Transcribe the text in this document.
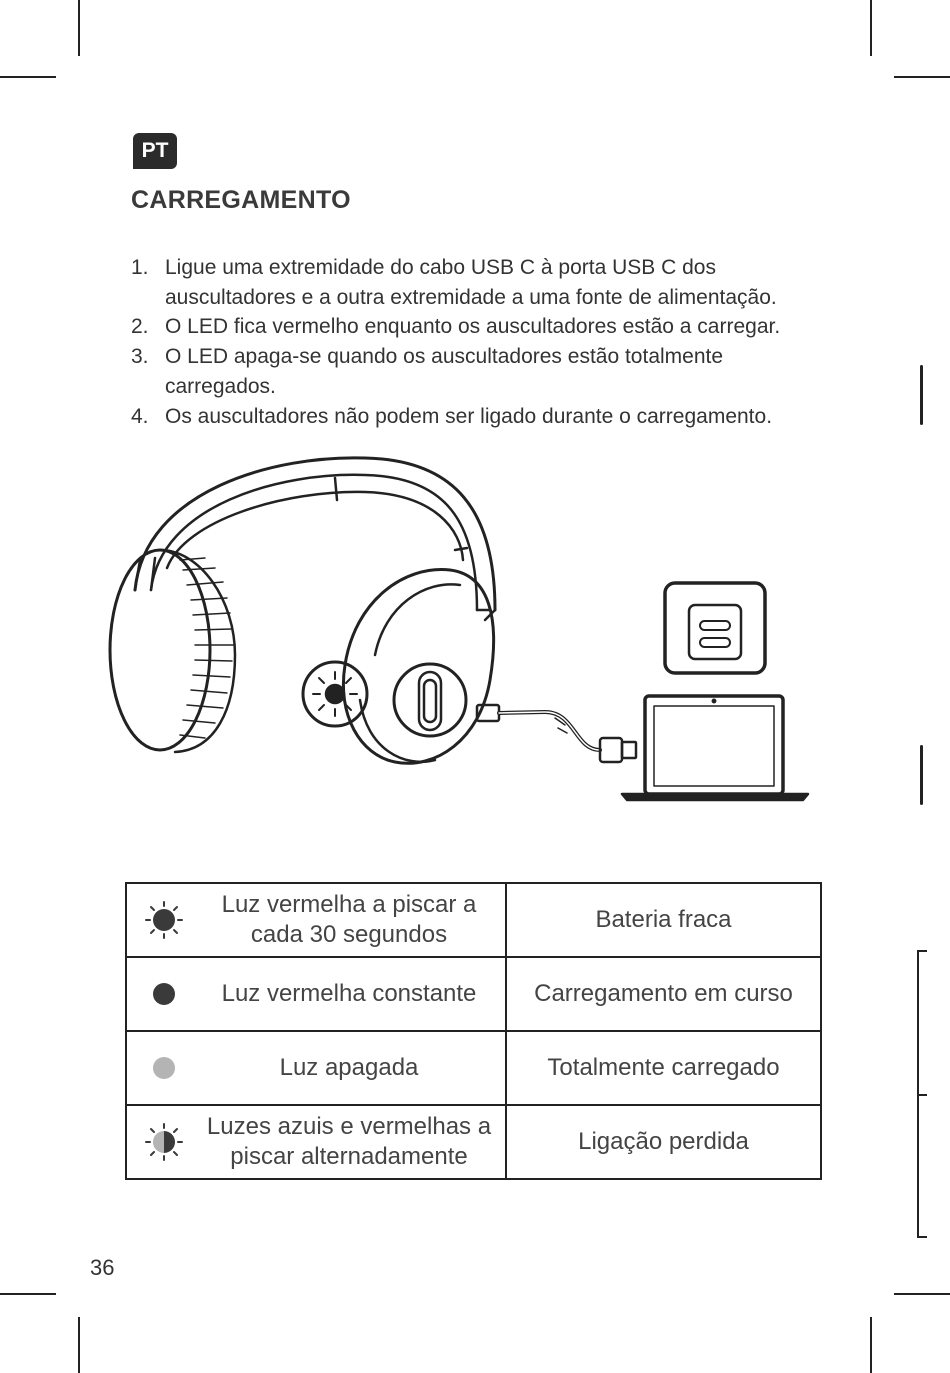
PT
CARREGAMENTO
1. Ligue uma extremidade do cabo USB C à porta USB C dos auscultadores e a outra extremidade a uma fonte de alimentação.
2. O LED fica vermelho enquanto os auscultadores estão a carregar.
3. O LED apaga-se quando os auscultadores estão totalmente carregados.
4. Os auscultadores não podem ser ligado durante o carregamento.
Luz vermelha a piscar a cada 30 segundos	Bateria fraca

Luz vermelha constante	Carregamento em curso

Luz apagada	Totalmente carregado

Luzes azuis e vermelhas a piscar alternadamente	Ligação perdida
36
